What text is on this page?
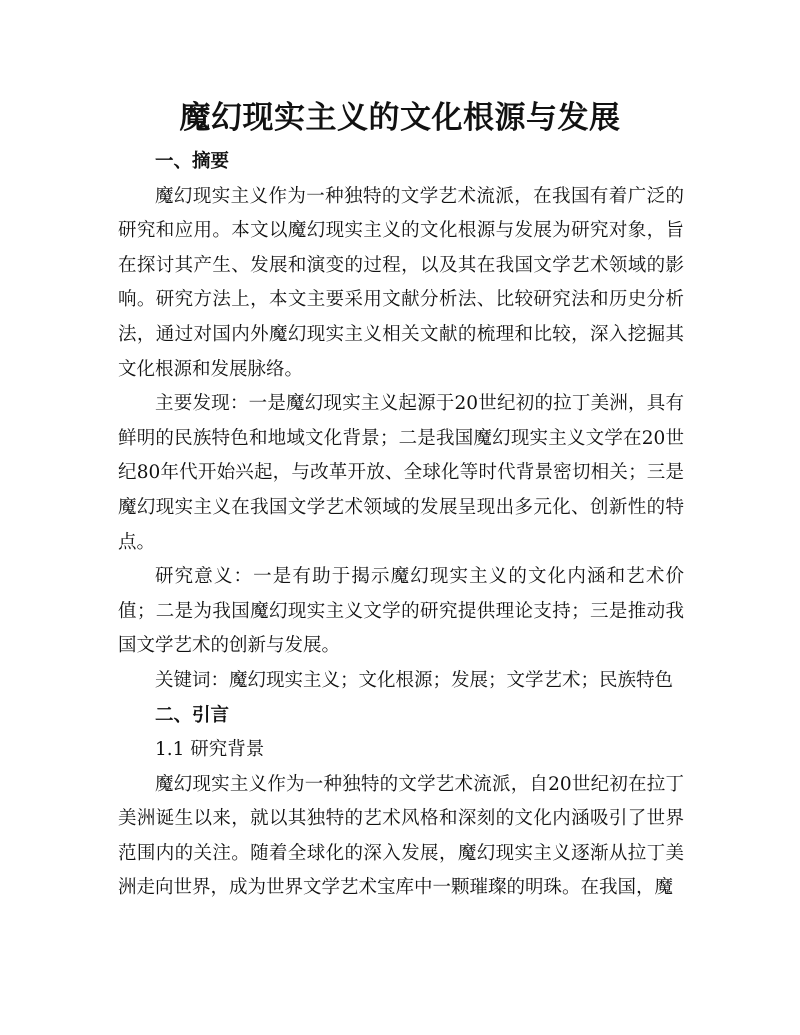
魔幻现实主义的文化根源与发展

一、摘要

魔幻现实主义作为一种独特的文学艺术流派，在我国有着广泛的研究和应用。本文以魔幻现实主义的文化根源与发展为研究对象，旨在探讨其产生、发展和演变的过程，以及其在我国文学艺术领域的影响。研究方法上，本文主要采用文献分析法、比较研究法和历史分析法，通过对国内外魔幻现实主义相关文献的梳理和比较，深入挖掘其文化根源和发展脉络。

主要发现：一是魔幻现实主义起源于20世纪初的拉丁美洲，具有鲜明的民族特色和地域文化背景；二是我国魔幻现实主义文学在20世纪80年代开始兴起，与改革开放、全球化等时代背景密切相关；三是魔幻现实主义在我国文学艺术领域的发展呈现出多元化、创新性的特点。

研究意义：一是有助于揭示魔幻现实主义的文化内涵和艺术价值；二是为我国魔幻现实主义文学的研究提供理论支持；三是推动我国文学艺术的创新与发展。

关键词：魔幻现实主义；文化根源；发展；文学艺术；民族特色

二、引言

1.1 研究背景

魔幻现实主义作为一种独特的文学艺术流派，自20世纪初在拉丁美洲诞生以来，就以其独特的艺术风格和深刻的文化内涵吸引了世界范围内的关注。随着全球化的深入发展，魔幻现实主义逐渐从拉丁美洲走向世界，成为世界文学艺术宝库中一颗璀璨的明珠。在我国，魔
